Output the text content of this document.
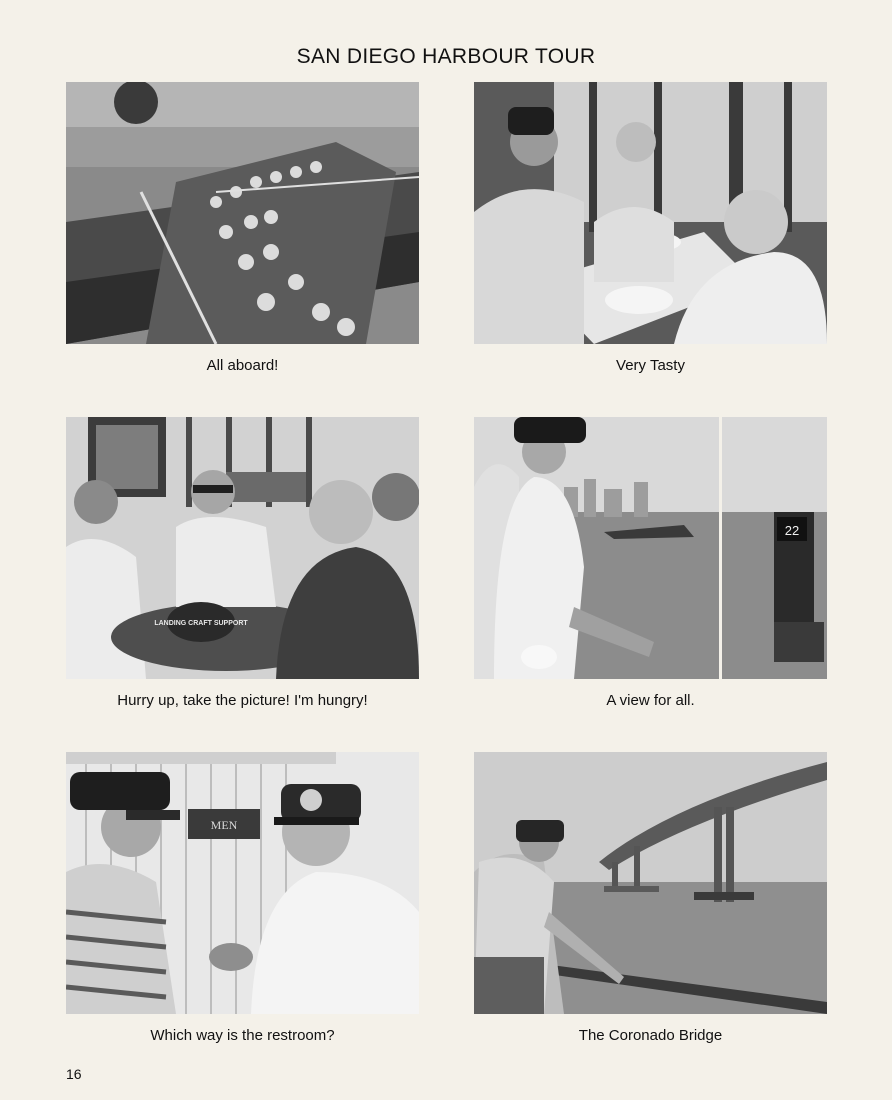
SAN DIEGO HARBOUR TOUR
All aboard!	Very Tasty
LANDING CRAFT SUPPORT
Hurry up, take the picture! I'm hungry!
22
A view for all.
MEN
Which way is the restroom?	The Coronado Bridge
16
